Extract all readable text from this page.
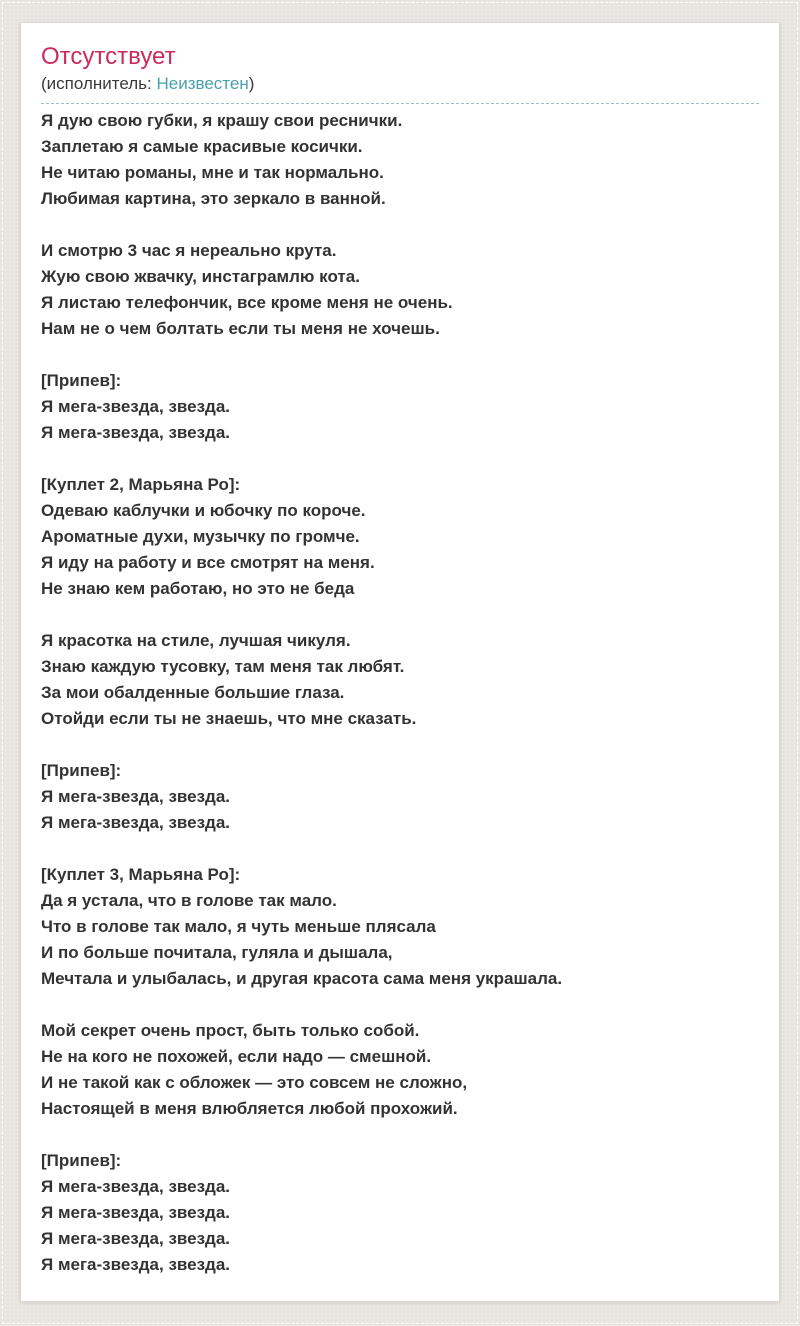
Отсутствует
(исполнитель: Неизвестен)
Я дую свою губки, я крашу свои реснички.
Заплетаю я самые красивые косички.
Не читаю романы, мне и так нормально.
Любимая картина, это зеркало в ванной.
И смотрю 3 час я нереально крута.
Жую свою жвачку, инстаграмлю кота.
Я листаю телефончик, все кроме меня не очень.
Нам не о чем болтать если ты меня не хочешь.
[Припев]:
Я мега-звезда, звезда.
Я мега-звезда, звезда.
[Куплет 2, Марьяна Ро]:
Одеваю каблучки и юбочку по короче.
Ароматные духи, музычку по громче.
Я иду на работу и все смотрят на меня.
Не знаю кем работаю, но это не беда
Я красотка на стиле, лучшая чикуля.
Знаю каждую тусовку, там меня так любят.
За мои обалденные большие глаза.
Отойди если ты не знаешь, что мне сказать.
[Припев]:
Я мега-звезда, звезда.
Я мега-звезда, звезда.
[Куплет 3, Марьяна Ро]:
Да я устала, что в голове так мало.
Что в голове так мало, я чуть меньше плясала
И по больше почитала, гуляла и дышала,
Мечтала и улыбалась, и другая красота сама меня украшала.
Мой секрет очень прост, быть только собой.
Не на кого не похожей, если надо — смешной.
И не такой как с обложек — это совсем не сложно,
Настоящей в меня влюбляется любой прохожий.
[Припев]:
Я мега-звезда, звезда.
Я мега-звезда, звезда.
Я мега-звезда, звезда.
Я мега-звезда, звезда.
